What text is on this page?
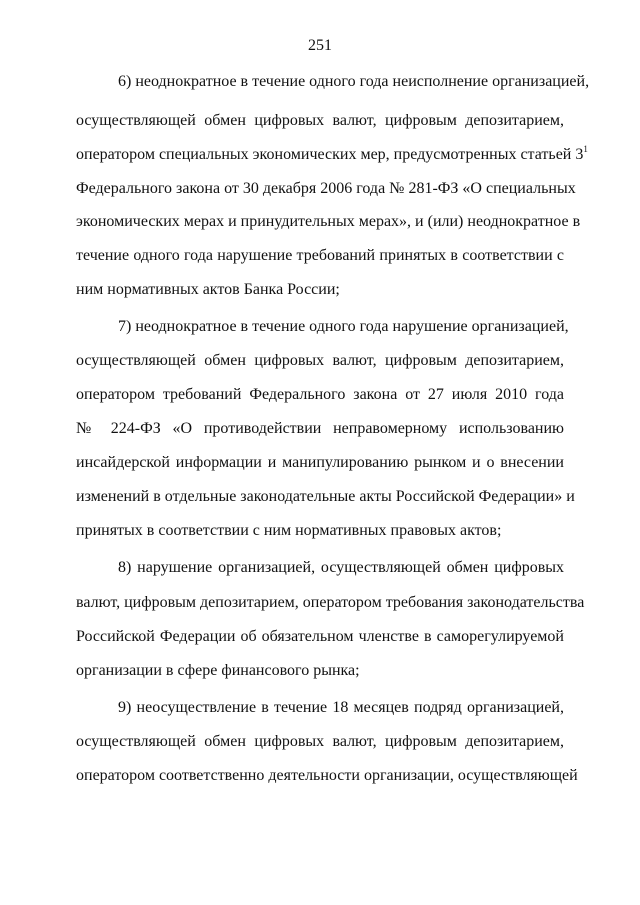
251
6) неоднократное в течение одного года неисполнение организацией,
осуществляющей обмен цифровых валют, цифровым депозитарием,
оператором специальных экономических мер, предусмотренных статьей $3^1$
Федерального закона от 30 декабря 2006 года № 281-ФЗ «О специальных
экономических мерах и принудительных мерах», и (или) неоднократное в
течение одного года нарушение требований принятых в соответствии с
ним нормативных актов Банка России;
7) неоднократное в течение одного года нарушение организацией,
осуществляющей обмен цифровых валют, цифровым депозитарием,
оператором требований Федерального закона от 27 июля 2010 года
№ 224-ФЗ «О противодействии неправомерному использованию
инсайдерской информации и манипулированию рынком и о внесении
изменений в отдельные законодательные акты Российской Федерации» и
принятых в соответствии с ним нормативных правовых актов;
8) нарушение организацией, осуществляющей обмен цифровых
валют, цифровым депозитарием, оператором требования законодательства
Российской Федерации об обязательном членстве в саморегулируемой
организации в сфере финансового рынка;
9) неосуществление в течение 18 месяцев подряд организацией,
осуществляющей обмен цифровых валют, цифровым депозитарием,
оператором соответственно деятельности организации, осуществляющей
